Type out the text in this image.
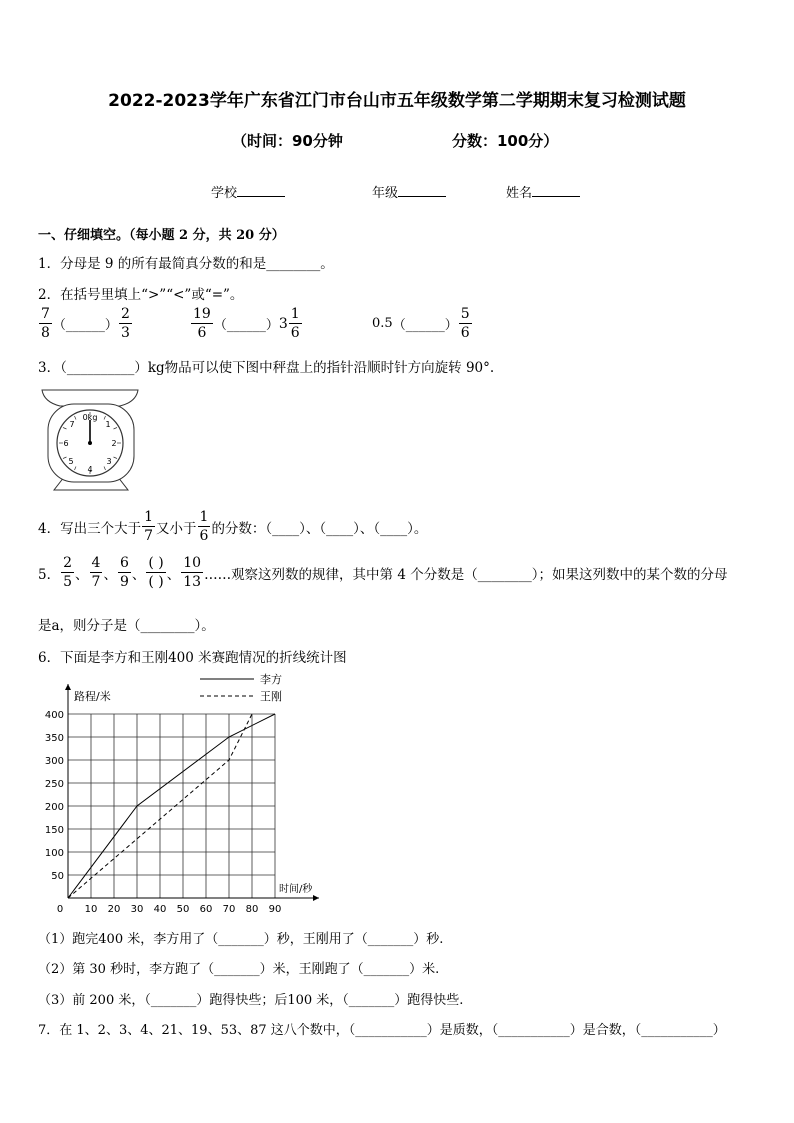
2022-2023学年广东省江门市台山市五年级数学第二学期期末复习检测试题
（时间：90分钟	分数：100分）
学校	年级	姓名
一、仔细填空。（每小题 2 分，共 20 分）
1．分母是 9 的所有最简真分数的和是________。
2．在括号里填上“>”“<”或“=”。
$\frac{7}{8}$ （______） $\frac{2}{3}$	$\frac{19}{6}$ （______） $3 \frac{1}{6}$	0.5 （______） $\frac{5}{6}$
3．（__________）kg物品可以使下图中秤盘上的指针沿顺时针方向旋转 90°.
0kg
1
2
3
4
5
6
7
4．写出三个大于 $\frac{1}{7}$ 又小于 $\frac{1}{6}$ 的分数：（____）、（____）、（____）。
5． $\frac{2}{5}$ 、 $\frac{4}{7}$ 、 $\frac{6}{9}$ 、 $\frac{( )}{( )}$ 、 $\frac{10}{13}$ ……观察这列数的规律，其中第 4 个分数是（________）；如果这列数中的某个数的分母
是a，则分子是（________）。
6．下面是李方和王刚400 米赛跑情况的折线统计图
0 10 20 30 40 50 60 70 80 90
50
100
150
200
250
300
350
400
路程/米
时间/秒
李方
王刚
（1）跑完400 米，李方用了（_______）秒，王刚用了（_______）秒.
（2）第 30 秒时，李方跑了（_______）米，王刚跑了（_______）米.
（3）前 200 米，（_______）跑得快些；后100 米，（_______）跑得快些.
7．在 1、2、3、4、21、19、53、87 这八个数中，（___________）是质数，（___________）是合数，（___________）
